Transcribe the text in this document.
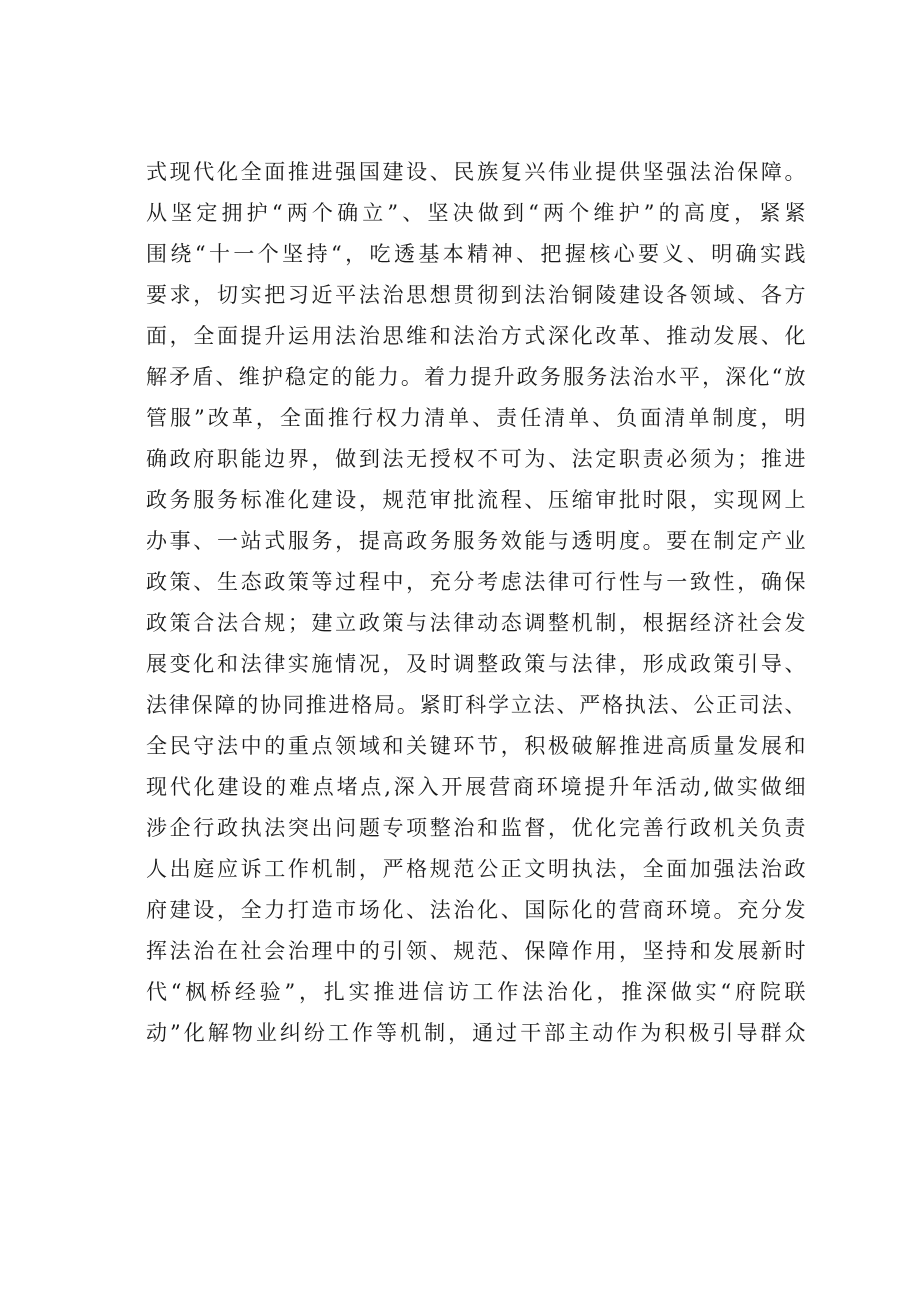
式现代化全面推进强国建设、民族复兴伟业提供坚强法治保障。
从坚定拥护“两个确立”、坚决做到“两个维护”的高度，紧紧
围绕“十一个坚持“，吃透基本精神、把握核心要义、明确实践
要求，切实把习近平法治思想贯彻到法治铜陵建设各领域、各方
面，全面提升运用法治思维和法治方式深化改革、推动发展、化
解矛盾、维护稳定的能力。着力提升政务服务法治水平，深化“放
管服”改革，全面推行权力清单、责任清单、负面清单制度，明
确政府职能边界，做到法无授权不可为、法定职责必须为；推进
政务服务标准化建设，规范审批流程、压缩审批时限，实现网上
办事、一站式服务，提高政务服务效能与透明度。要在制定产业
政策、生态政策等过程中，充分考虑法律可行性与一致性，确保
政策合法合规；建立政策与法律动态调整机制，根据经济社会发
展变化和法律实施情况，及时调整政策与法律，形成政策引导、
法律保障的协同推进格局。紧盯科学立法、严格执法、公正司法、
全民守法中的重点领域和关键环节，积极破解推进高质量发展和
现代化建设的难点堵点,深入开展营商环境提升年活动,做实做细
涉企行政执法突出问题专项整治和监督，优化完善行政机关负责
人出庭应诉工作机制，严格规范公正文明执法，全面加强法治政
府建设，全力打造市场化、法治化、国际化的营商环境。充分发
挥法治在社会治理中的引领、规范、保障作用，坚持和发展新时
代“枫桥经验”，扎实推进信访工作法治化，推深做实“府院联
动”化解物业纠纷工作等机制，通过干部主动作为积极引导群众
